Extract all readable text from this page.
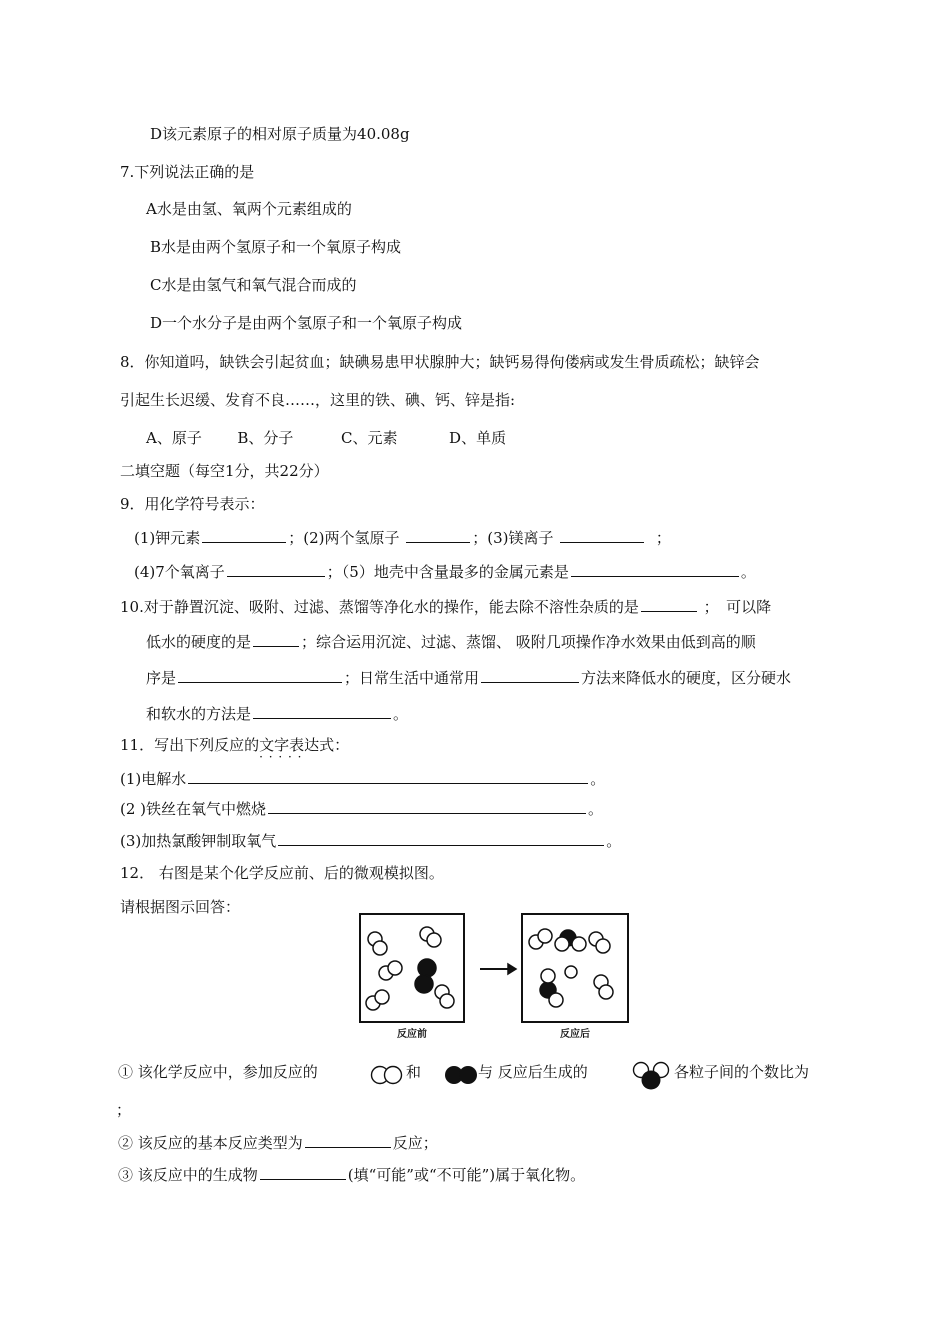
D该元素原子的相对原子质量为40.08g
7.下列说法正确的是
A水是由氢、氧两个元素组成的
B水是由两个氢原子和一个氧原子构成
C水是由氢气和氧气混合而成的
D一个水分子是由两个氢原子和一个氧原子构成
8．你知道吗，缺铁会引起贫血；缺碘易患甲状腺肿大；缺钙易得佝偻病或发生骨质疏松；缺锌会
引起生长迟缓、发育不良……，这里的铁、碘、钙、锌是指:
A、原子 B、分子	C、元素	D、单质
二填空题（每空1分，共22分）
9．用化学符号表示：
(1)钾元素	；(2)两个氢原子	；(3)镁离子	；
(4)7个氧离子	；（5）地壳中含量最多的金属元素是	。
10.对于静置沉淀、吸附、过滤、蒸馏等净化水的操作，能去除不溶性杂质的是	；　可以降
低水的硬度的是	；综合运用沉淀、过滤、蒸馏、 吸附几项操作净水效果由低到高的顺
序是	；日常生活中通常用	方法来降低水的硬度，区分硬水
和软水的方法是	。
11．写出下列反应的文字表达式 · ·：
(1)电解水	。
(2 )铁丝在氧气中燃烧	。
(3)加热氯酸钾制取氧气	。
12． 右图是某个化学反应前、后的微观模拟图。
请根据图示回答：
反应前	反应后
① 该化学反应中，参加反应的	和	与 反应后生成的	各粒子间的个数比为
；
② 该反应的基本反应类型为	反应；
③ 该反应中的生成物	(填“可能”或“不可能”)属于氧化物。
